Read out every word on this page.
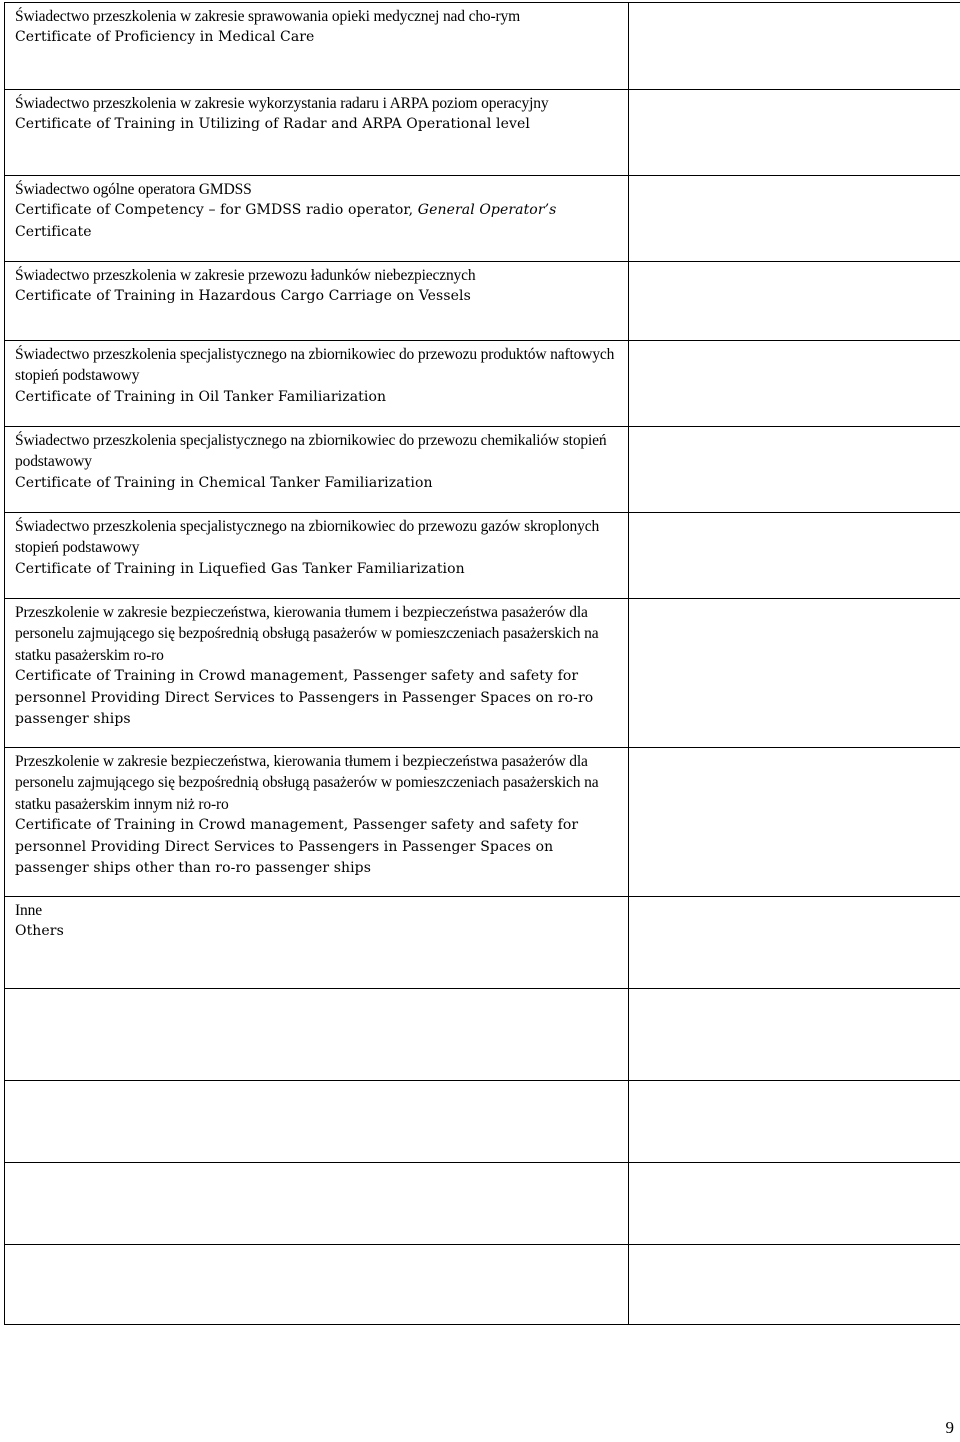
Świadectwo przeszkolenia w zakresie sprawowania opieki medycznej nad cho-rym
Certificate of Proficiency in Medical Care	

Świadectwo przeszkolenia w zakresie wykorzystania radaru i ARPA poziom operacyjny
Certificate of Training in Utilizing of Radar and ARPA Operational level	

Świadectwo ogólne operatora GMDSS
Certificate of Competency – for GMDSS radio operator, General Operator’s Certificate	

Świadectwo przeszkolenia w zakresie przewozu ładunków niebezpiecznych
Certificate of Training in Hazardous Cargo Carriage on Vessels	

Świadectwo przeszkolenia specjalistycznego na zbiornikowiec do przewozu produktów naftowych stopień podstawowy
Certificate of Training in Oil Tanker Familiarization	

Świadectwo przeszkolenia specjalistycznego na zbiornikowiec do przewozu chemikaliów stopień podstawowy
Certificate of Training in Chemical Tanker Familiarization	

Świadectwo przeszkolenia specjalistycznego na zbiornikowiec do przewozu gazów skroplonych stopień podstawowy
Certificate of Training in Liquefied Gas Tanker Familiarization	

Przeszkolenie w zakresie bezpieczeństwa, kierowania tłumem i bezpieczeństwa pasażerów dla personelu zajmującego się bezpośrednią obsługą pasażerów w pomieszczeniach pasażerskich na statku pasażerskim ro-ro
Certificate of Training in Crowd management, Passenger safety and safety for personnel Providing Direct Services to Passengers in Passenger Spaces on ro-ro passenger ships	

Przeszkolenie w zakresie bezpieczeństwa, kierowania tłumem i bezpieczeństwa pasażerów dla personelu zajmującego się bezpośrednią obsługą pasażerów w pomieszczeniach pasażerskich na statku pasażerskim innym niż ro-ro
Certificate of Training in Crowd management, Passenger safety and safety for personnel Providing Direct Services to Passengers in Passenger Spaces on passenger ships other than ro-ro passenger ships	

Inne
Others	

9
